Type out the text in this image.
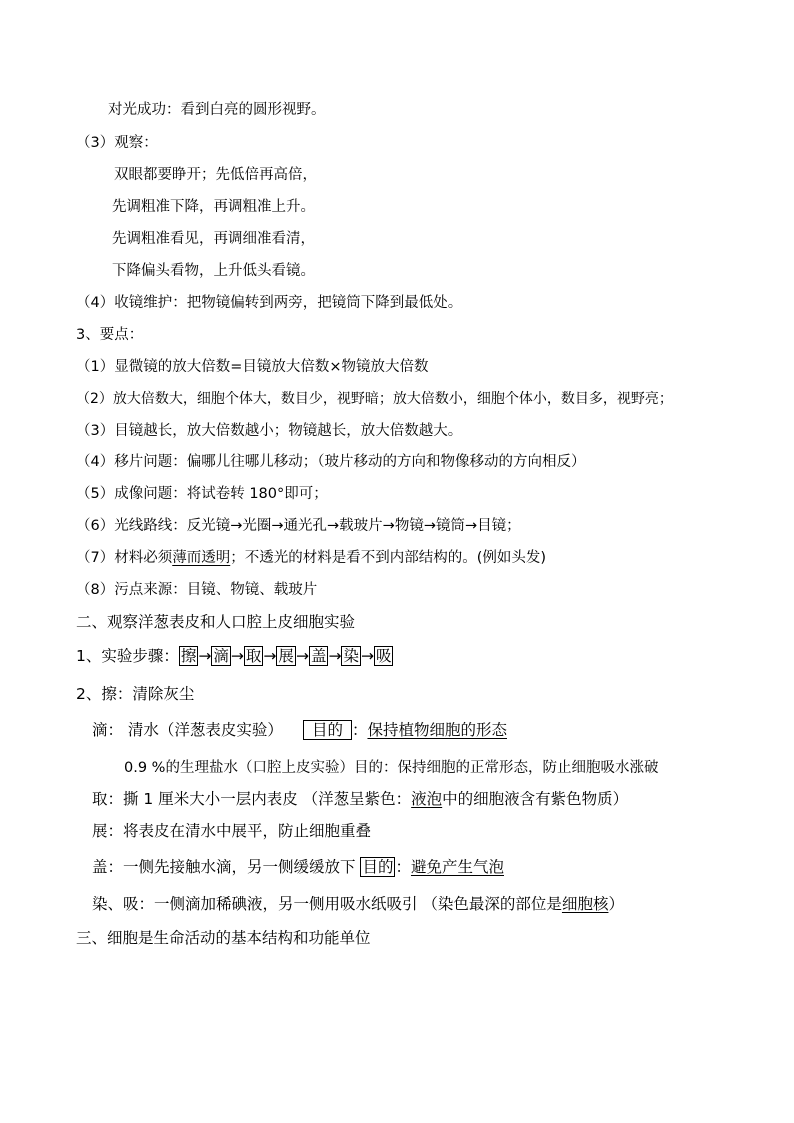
对光成功：看到白亮的圆形视野。
（3）观察：
双眼都要睁开；先低倍再高倍，
先调粗准下降，再调粗准上升。
先调粗准看见，再调细准看清，
下降偏头看物，上升低头看镜。
（4）收镜维护：把物镜偏转到两旁，把镜筒下降到最低处。
3、要点：
（1）显微镜的放大倍数=目镜放大倍数×物镜放大倍数
（2）放大倍数大，细胞个体大，数目少，视野暗；放大倍数小，细胞个体小，数目多，视野亮；
（3）目镜越长，放大倍数越小；物镜越长，放大倍数越大。
（4）移片问题：偏哪儿往哪儿移动；（玻片移动的方向和物像移动的方向相反）
（5）成像问题：将试卷转 180°即可；
（6）光线路线：反光镜→光圈→通光孔→载玻片→物镜→镜筒→目镜；
（7）材料必须薄而透明；不透光的材料是看不到内部结构的。(例如头发)
（8）污点来源：目镜、物镜、载玻片
二、观察洋葱表皮和人口腔上皮细胞实验
1、实验步骤： 擦 → 滴 → 取 → 展 → 盖 → 染 → 吸
2、擦：清除灰尘
滴： 清水（洋葱表皮实验） 目的 ：保持植物细胞的形态
0.9 %的生理盐水（口腔上皮实验）目的：保持细胞的正常形态，防止细胞吸水涨破
取：撕 1 厘米大小一层内表皮 （洋葱呈紫色：液泡中的细胞液含有紫色物质）
展：将表皮在清水中展平，防止细胞重叠
盖：一侧先接触水滴，另一侧缓缓放下 目的 ：避免产生气泡
染、吸：一侧滴加稀碘液，另一侧用吸水纸吸引 （染色最深的部位是细胞核）
三、细胞是生命活动的基本结构和功能单位
